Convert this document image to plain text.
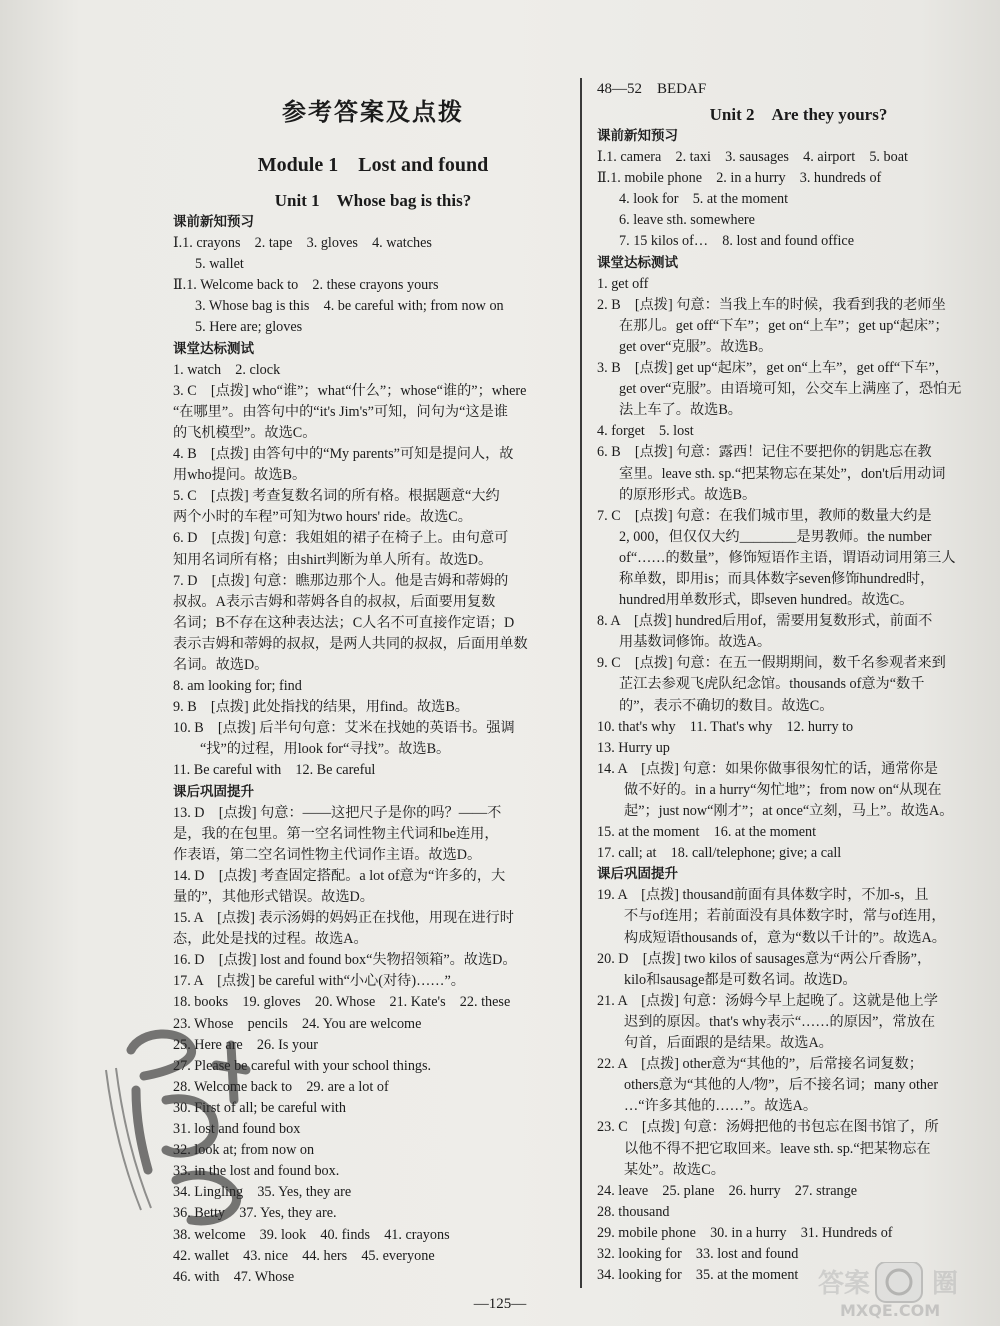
参考答案及点拨
Module 1　Lost and found
Unit 1　Whose bag is this?
课前新知预习
Ⅰ.1. crayons　2. tape　3. gloves　4. watches
5. wallet
Ⅱ.1. Welcome back to　2. these crayons yours
3. Whose bag is this　4. be careful with; from now on
5. Here are; gloves
课堂达标测试
1. watch　2. clock
3. C　[点拨] who“谁”；what“什么”；whose“谁的”；where
“在哪里”。由答句中的“it's Jim's”可知，问句为“这是谁
的飞机模型”。故选C。
4. B　[点拨] 由答句中的“My parents”可知是提问人，故
用who提问。故选B。
5. C　[点拨] 考查复数名词的所有格。根据题意“大约
两个小时的车程”可知为two hours' ride。故选C。
6. D　[点拨] 句意：我姐姐的裙子在椅子上。由句意可
知用名词所有格；由shirt判断为单人所有。故选D。
7. D　[点拨] 句意：瞧那边那个人。他是吉姆和蒂姆的
叔叔。A表示吉姆和蒂姆各自的叔叔，后面要用复数
名词；B不存在这种表达法；C人名不可直接作定语；D
表示吉姆和蒂姆的叔叔，是两人共同的叔叔，后面用单数
名词。故选D。
8. am looking for; find
9. B　[点拨] 此处指找的结果，用find。故选B。
10. B　[点拨] 后半句句意：艾米在找她的英语书。强调
“找”的过程，用look for“寻找”。故选B。
11. Be careful with　12. Be careful
课后巩固提升
13. D　[点拨] 句意：——这把尺子是你的吗？——不
是，我的在包里。第一空名词性物主代词和be连用，
作表语，第二空名词性物主代词作主语。故选D。
14. D　[点拨] 考查固定搭配。a lot of意为“许多的，大
量的”，其他形式错误。故选D。
15. A　[点拨] 表示汤姆的妈妈正在找他，用现在进行时
态，此处是找的过程。故选A。
16. D　[点拨] lost and found box“失物招领箱”。故选D。
17. A　[点拨] be careful with“小心(对待)……”。
18. books　19. gloves　20. Whose　21. Kate's　22. these
23. Whose　pencils　24. You are welcome
25. Here are　26. Is your
27. Please be careful with your school things.
28. Welcome back to　29. are a lot of
30. First of all; be careful with
31. lost and found box
32. look at; from now on
33. in the lost and found box.
34. Lingling　35. Yes, they are
36. Betty　37. Yes, they are.
38. welcome　39. look　40. finds　41. crayons
42. wallet　43. nice　44. hers　45. everyone
46. with　47. Whose
48—52　BEDAF
Unit 2　Are they yours?
课前新知预习
Ⅰ.1. camera　2. taxi　3. sausages　4. airport　5. boat
Ⅱ.1. mobile phone　2. in a hurry　3. hundreds of
4. look for　5. at the moment
6. leave sth. somewhere
7. 15 kilos of…　8. lost and found office
课堂达标测试
1. get off
2. B　[点拨] 句意：当我上车的时候，我看到我的老师坐
在那儿。get off“下车”；get on“上车”；get up“起床”；
get over“克服”。故选B。
3. B　[点拨] get up“起床”，get on“上车”，get off“下车”，
get over“克服”。由语境可知，公交车上满座了，恐怕无
法上车了。故选B。
4. forget　5. lost
6. B　[点拨] 句意：露西！记住不要把你的钥匙忘在教
室里。leave sth. sp.“把某物忘在某处”，don't后用动词
的原形形式。故选B。
7. C　[点拨] 句意：在我们城市里，教师的数量大约是
2, 000，但仅仅大约________是男教师。the number
of“……的数量”，修饰短语作主语，谓语动词用第三人
称单数，即用is；而具体数字seven修饰hundred时，
hundred用单数形式，即seven hundred。故选C。
8. A　[点拨] hundred后用of，需要用复数形式，前面不
用基数词修饰。故选A。
9. C　[点拨] 句意：在五一假期期间，数千名参观者来到
芷江去参观飞虎队纪念馆。thousands of意为“数千
的”，表示不确切的数目。故选C。
10. that's why　11. That's why　12. hurry to
13. Hurry up
14. A　[点拨] 句意：如果你做事很匆忙的话，通常你是
做不好的。in a hurry“匆忙地”；from now on“从现在
起”；just now“刚才”；at once“立刻，马上”。故选A。
15. at the moment　16. at the moment
17. call; at　18. call/telephone; give; a call
课后巩固提升
19. A　[点拨] thousand前面有具体数字时，不加-s，且
不与of连用；若前面没有具体数字时，常与of连用，
构成短语thousands of，意为“数以千计的”。故选A。
20. D　[点拨] two kilos of sausages意为“两公斤香肠”，
kilo和sausage都是可数名词。故选D。
21. A　[点拨] 句意：汤姆今早上起晚了。这就是他上学
迟到的原因。that's why表示“……的原因”，常放在
句首，后面跟的是结果。故选A。
22. A　[点拨] other意为“其他的”，后常接名词复数；
others意为“其他的人/物”，后不接名词；many other
…“许多其他的……”。故选A。
23. C　[点拨] 句意：汤姆把他的书包忘在图书馆了，所
以他不得不把它取回来。leave sth. sp.“把某物忘在
某处”。故选C。
24. leave　25. plane　26. hurry　27. strange
28. thousand
29. mobile phone　30. in a hurry　31. Hundreds of
32. looking for　33. lost and found
34. looking for　35. at the moment
—125—
答案 圈
MXQE.COM
